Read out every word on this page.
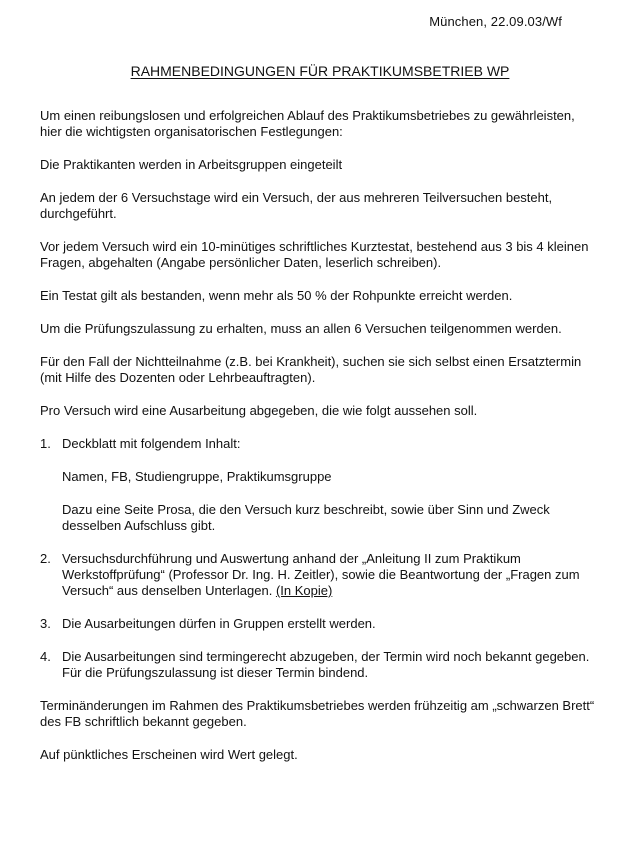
München, 22.09.03/Wf
RAHMENBEDINGUNGEN FÜR PRAKTIKUMSBETRIEB WP

Um einen reibungslosen und erfolgreichen Ablauf des Praktikumsbetriebes zu gewährleisten, hier die wichtigsten organisatorischen Festlegungen:

Die Praktikanten werden in Arbeitsgruppen eingeteilt

An jedem der 6 Versuchstage wird ein Versuch, der aus mehreren Teilversuchen besteht, durchgeführt.

Vor jedem Versuch wird ein 10-minütiges schriftliches Kurztestat, bestehend aus 3 bis 4 kleinen Fragen, abgehalten (Angabe persönlicher Daten, leserlich schreiben).

Ein Testat gilt als bestanden, wenn mehr als 50 % der Rohpunkte erreicht werden.

Um die Prüfungszulassung zu erhalten, muss an allen 6 Versuchen teilgenommen werden.

Für den Fall der Nichtteilnahme (z.B. bei Krankheit), suchen sie sich selbst einen Ersatztermin (mit Hilfe des Dozenten oder Lehrbeauftragten).

Pro Versuch wird eine Ausarbeitung abgegeben, die wie folgt aussehen soll.

1. Deckblatt mit folgendem Inhalt:

Namen, FB, Studiengruppe, Praktikumsgruppe

Dazu eine Seite Prosa, die den Versuch kurz beschreibt, sowie über Sinn und Zweck desselben Aufschluss gibt.

2. Versuchsdurchführung und Auswertung anhand der „Anleitung II zum Praktikum Werkstoffprüfung“ (Professor Dr. Ing. H. Zeitler), sowie die Beantwortung der „Fragen zum Versuch“ aus denselben Unterlagen. (In Kopie)

3. Die Ausarbeitungen dürfen in Gruppen erstellt werden.

4. Die Ausarbeitungen sind termingerecht abzugeben, der Termin wird noch bekannt gegeben. Für die Prüfungszulassung ist dieser Termin bindend.

Terminänderungen im Rahmen des Praktikumsbetriebes werden frühzeitig am „schwarzen Brett“ des FB schriftlich bekannt gegeben.

Auf pünktliches Erscheinen wird Wert gelegt.
